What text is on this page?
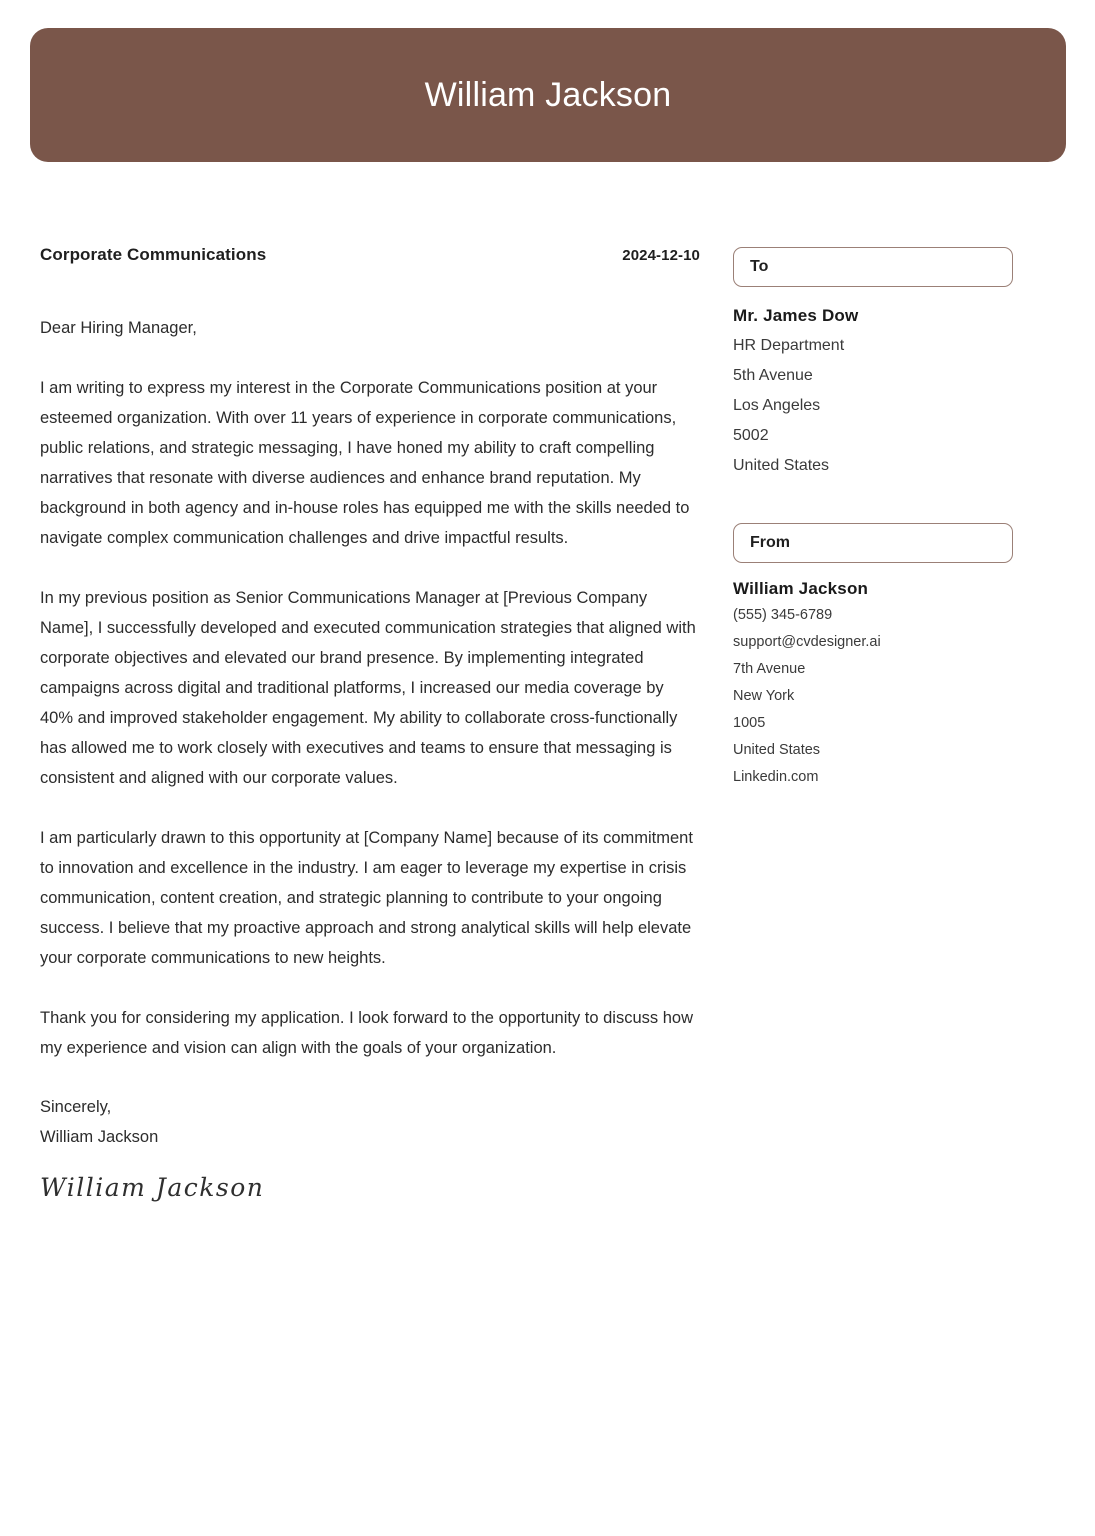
William Jackson
Corporate Communications	2024-12-10
Dear Hiring Manager,
I am writing to express my interest in the Corporate Communications position at your esteemed organization. With over 11 years of experience in corporate communications, public relations, and strategic messaging, I have honed my ability to craft compelling narratives that resonate with diverse audiences and enhance brand reputation. My background in both agency and in-house roles has equipped me with the skills needed to navigate complex communication challenges and drive impactful results.
In my previous position as Senior Communications Manager at [Previous Company Name], I successfully developed and executed communication strategies that aligned with corporate objectives and elevated our brand presence. By implementing integrated campaigns across digital and traditional platforms, I increased our media coverage by 40% and improved stakeholder engagement. My ability to collaborate cross-functionally has allowed me to work closely with executives and teams to ensure that messaging is consistent and aligned with our corporate values.
I am particularly drawn to this opportunity at [Company Name] because of its commitment to innovation and excellence in the industry. I am eager to leverage my expertise in crisis communication, content creation, and strategic planning to contribute to your ongoing success. I believe that my proactive approach and strong analytical skills will help elevate your corporate communications to new heights.
Thank you for considering my application. I look forward to the opportunity to discuss how my experience and vision can align with the goals of your organization.
Sincerely,
William Jackson
William Jackson
To
Mr. James Dow
HR Department
5th Avenue
Los Angeles
5002
United States
From
William Jackson
(555) 345-6789
support@cvdesigner.ai
7th Avenue
New York
1005
United States
Linkedin.com
